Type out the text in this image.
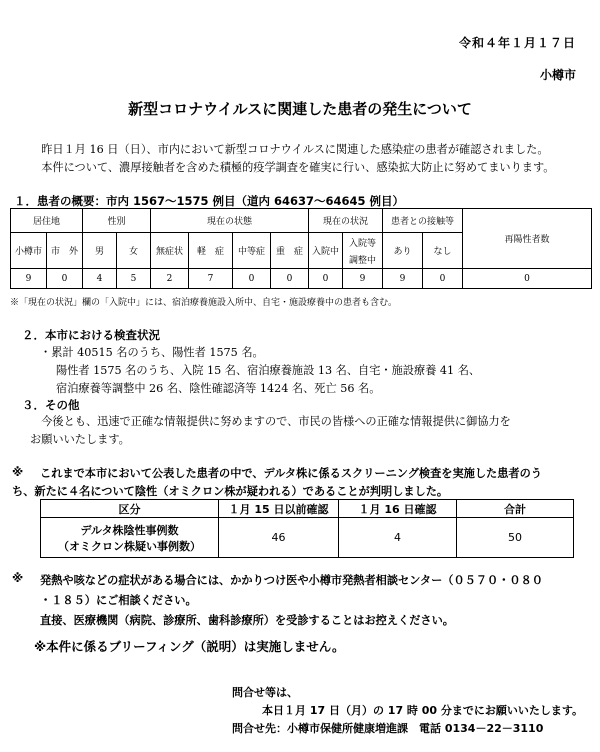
令和４年１月１７日
小樽市
新型コロナウイルスに関連した患者の発生について
昨日１月 16 日（日）、市内において新型コロナウイルスに関連した感染症の患者が確認されました。
本件について、濃厚接触者を含めた積極的疫学調査を確実に行い、感染拡大防止に努めてまいります。
１．患者の概要：市内 1567～1575 例目（道内 64637～64645 例目）
居住地		性別		現在の状態				現在の状況		患者との接触等		再陽性者数
小樽市	市　外	男	女	無症状	軽　症	中等症	重　症	入院中	入院等
調整中	あり	なし	
9	0	4	5	2	7	0	0	0	9	9	0	0
※「現在の状況」欄の「入院中」には、宿泊療養施設入所中、自宅・施設療養中の患者も含む。
２．本市における検査状況
・累計 40515 名のうち、陽性者 1575 名。
陽性者 1575 名のうち、入院 15 名、宿泊療養施設 13 名、自宅・施設療養 41 名、
宿泊療養等調整中 26 名、陰性確認済等 1424 名、死亡 56 名。
３．その他
今後とも、迅速で正確な情報提供に努めますので、市民の皆様への正確な情報提供に御協力を
お願いいたします。
※ これまで本市において公表した患者の中で、デルタ株に係るスクリーニング検査を実施した患者のう
ち、新たに４名について陰性（オミクロン株が疑われる）であることが判明しました。
区分	１月 15 日以前確認	１月 16 日確認	合計

デルタ株陰性事例数
（オミクロン株疑い事例数）	46	4	50
※ 発熱や咳などの症状がある場合には、かかりつけ医や小樽市発熱者相談センター（０５７０・０８０
・１８５）にご相談ください。
直接、医療機関（病院、診療所、歯科診療所）を受診することはお控えください。
※本件に係るブリーフィング（説明）は実施しません。
問合せ等は、
本日１月 17 日（月）の 17 時 00 分までにお願いいたします。
問合せ先：小樽市保健所健康増進課　電話 0134－22－3110
